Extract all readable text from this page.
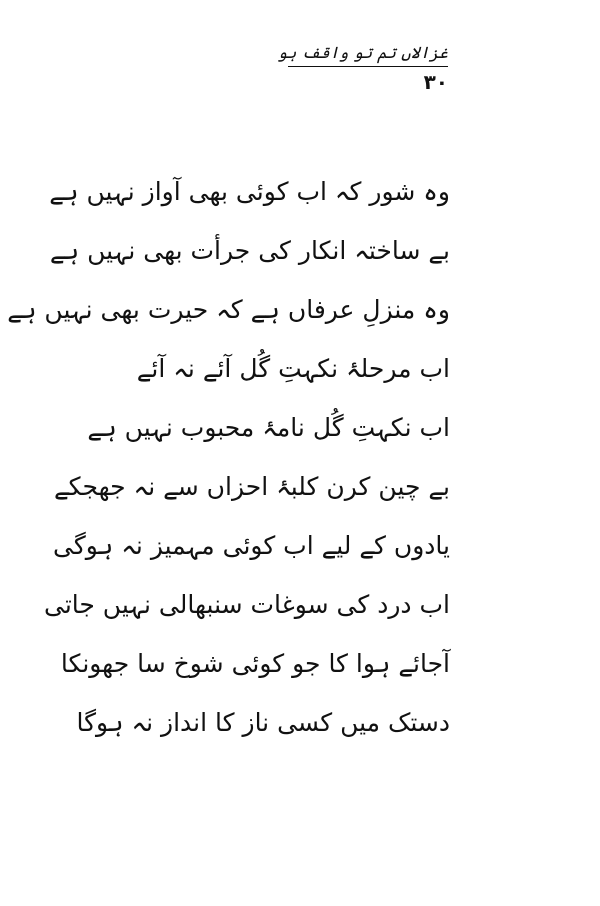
غزالاں تم تو واقف ہو
۳۰
وہ شور کہ اب کوئی بھی آواز نہیں ہے
بے ساختہ انکار کی جرأت بھی نہیں ہے
وہ منزلِ عرفاں ہے کہ حیرت بھی نہیں ہے
اب مرحلۂ نکہتِ گُل آئے نہ آئے
اب نکہتِ گُل نامۂ محبوب نہیں ہے
بے چین کرن کلبۂ احزاں سے نہ جھجکے
یادوں کے لیے اب کوئی مہمیز نہ ہوگی
اب درد کی سوغات سنبھالی نہیں جاتی
آجائے ہوا کا جو کوئی شوخ سا جھونکا
دستک میں کسی ناز کا انداز نہ ہوگا
